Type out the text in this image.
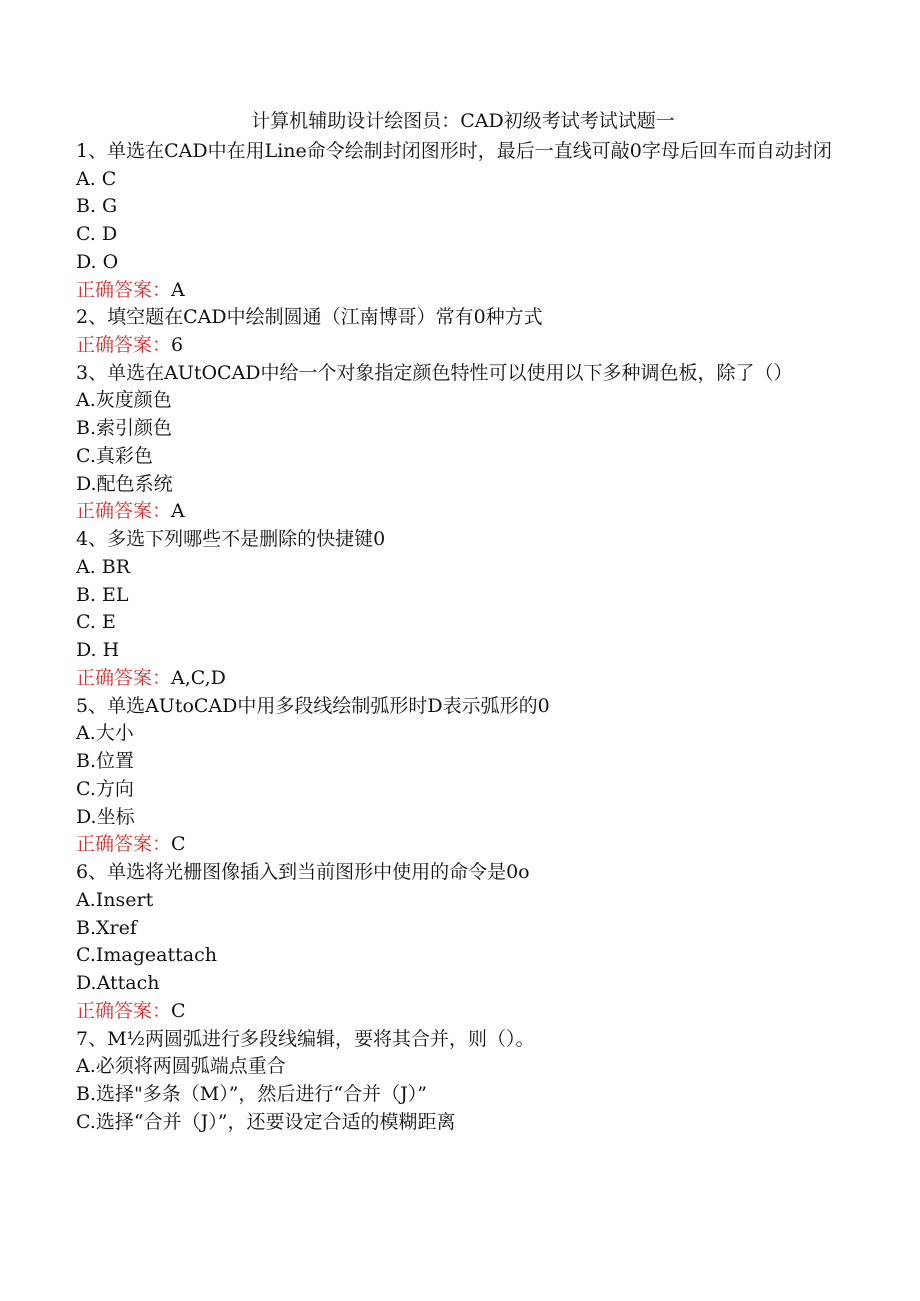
计算机辅助设计绘图员：CAD初级考试考试试题一

1、单选在CAD中在用Line命令绘制封闭图形时，最后一直线可敲0字母后回车而自动封闭

A. C

B. G

C. D

D. O

正确答案：A

2、填空题在CAD中绘制圆通（江南博哥）常有0种方式

正确答案：6

3、单选在AUtOCAD中给一个对象指定颜色特性可以使用以下多种调色板，除了（）

A.灰度颜色

B.索引颜色

C.真彩色

D.配色系统

正确答案：A

4、多选下列哪些不是删除的快捷键0

A. BR

B. EL

C. E

D. H

正确答案：A,C,D

5、单选AUtoCAD中用多段线绘制弧形时D表示弧形的0

A.大小

B.位置

C.方向

D.坐标

正确答案：C

6、单选将光栅图像插入到当前图形中使用的命令是0o

A.Insert

B.Xref

C.Imageattach

D.Attach

正确答案：C

7、M½两圆弧进行多段线编辑，要将其合并，则（）。

A.必须将两圆弧端点重合

B.选择"多条（M）”，然后进行“合并（J）”

C.选择“合并（J）”，还要设定合适的模糊距离
